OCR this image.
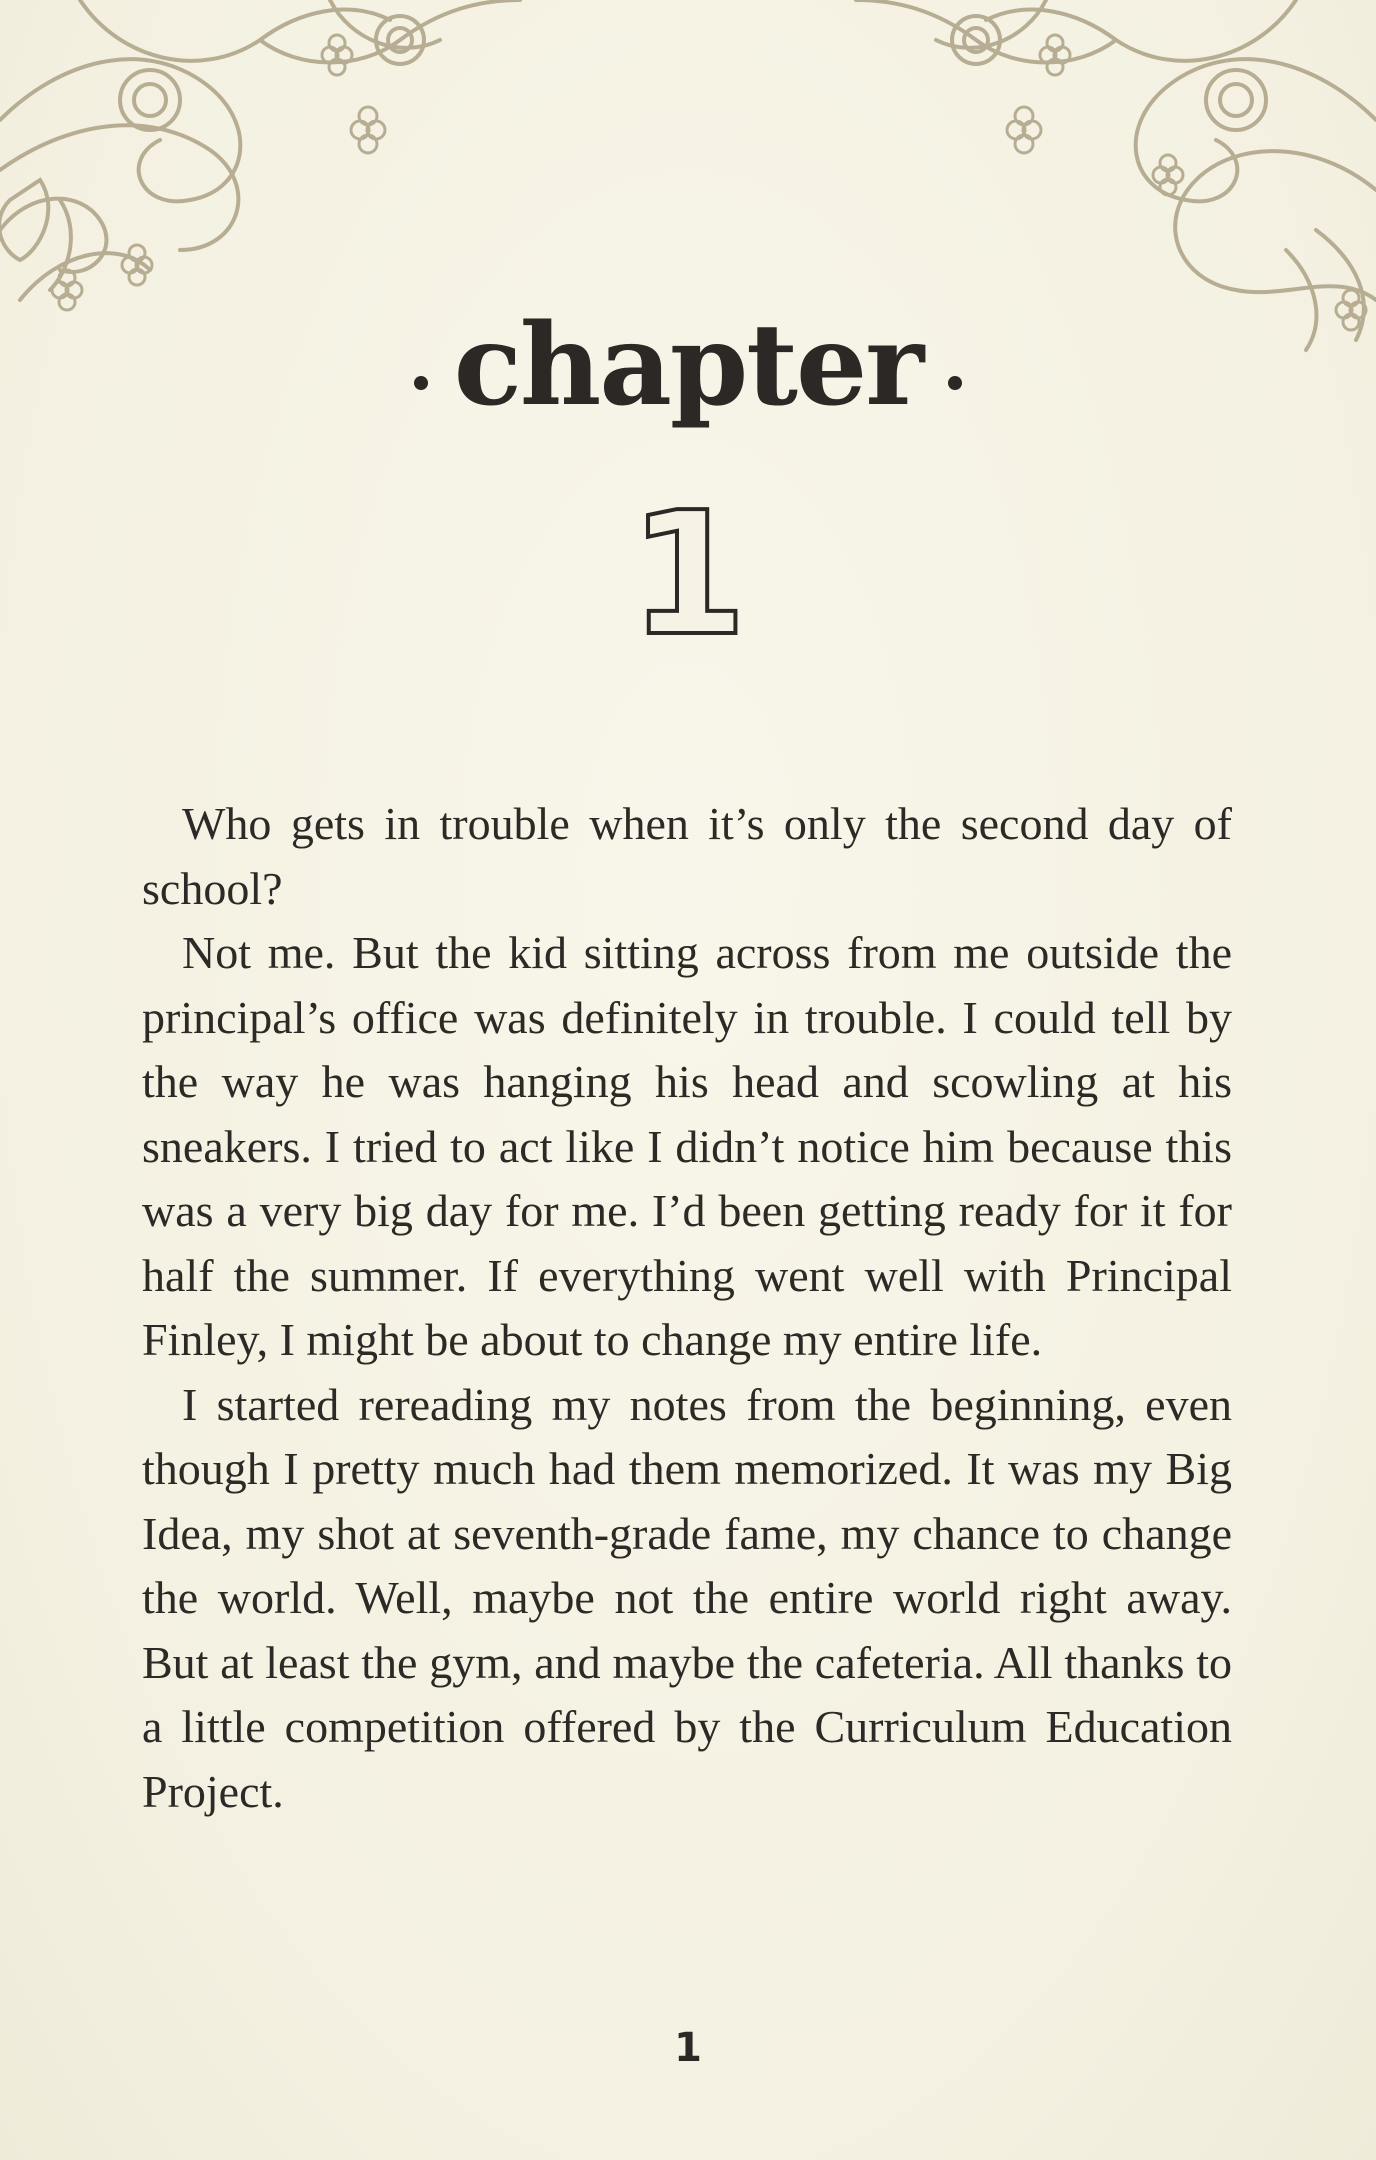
chapter
1

Who gets in trouble when it’s only the second day of school?

Not me. But the kid sitting across from me outside the principal’s office was definitely in trouble. I could tell by the way he was hanging his head and scowling at his sneakers. I tried to act like I didn’t notice him because this was a very big day for me. I’d been getting ready for it for half the summer. If everything went well with Principal Finley, I might be about to change my entire life.

I started rereading my notes from the beginning, even though I pretty much had them memorized. It was my Big Idea, my shot at seventh-grade fame, my chance to change the world. Well, maybe not the entire world right away. But at least the gym, and maybe the cafeteria. All thanks to a little competition offered by the Curriculum Education Project.

1
